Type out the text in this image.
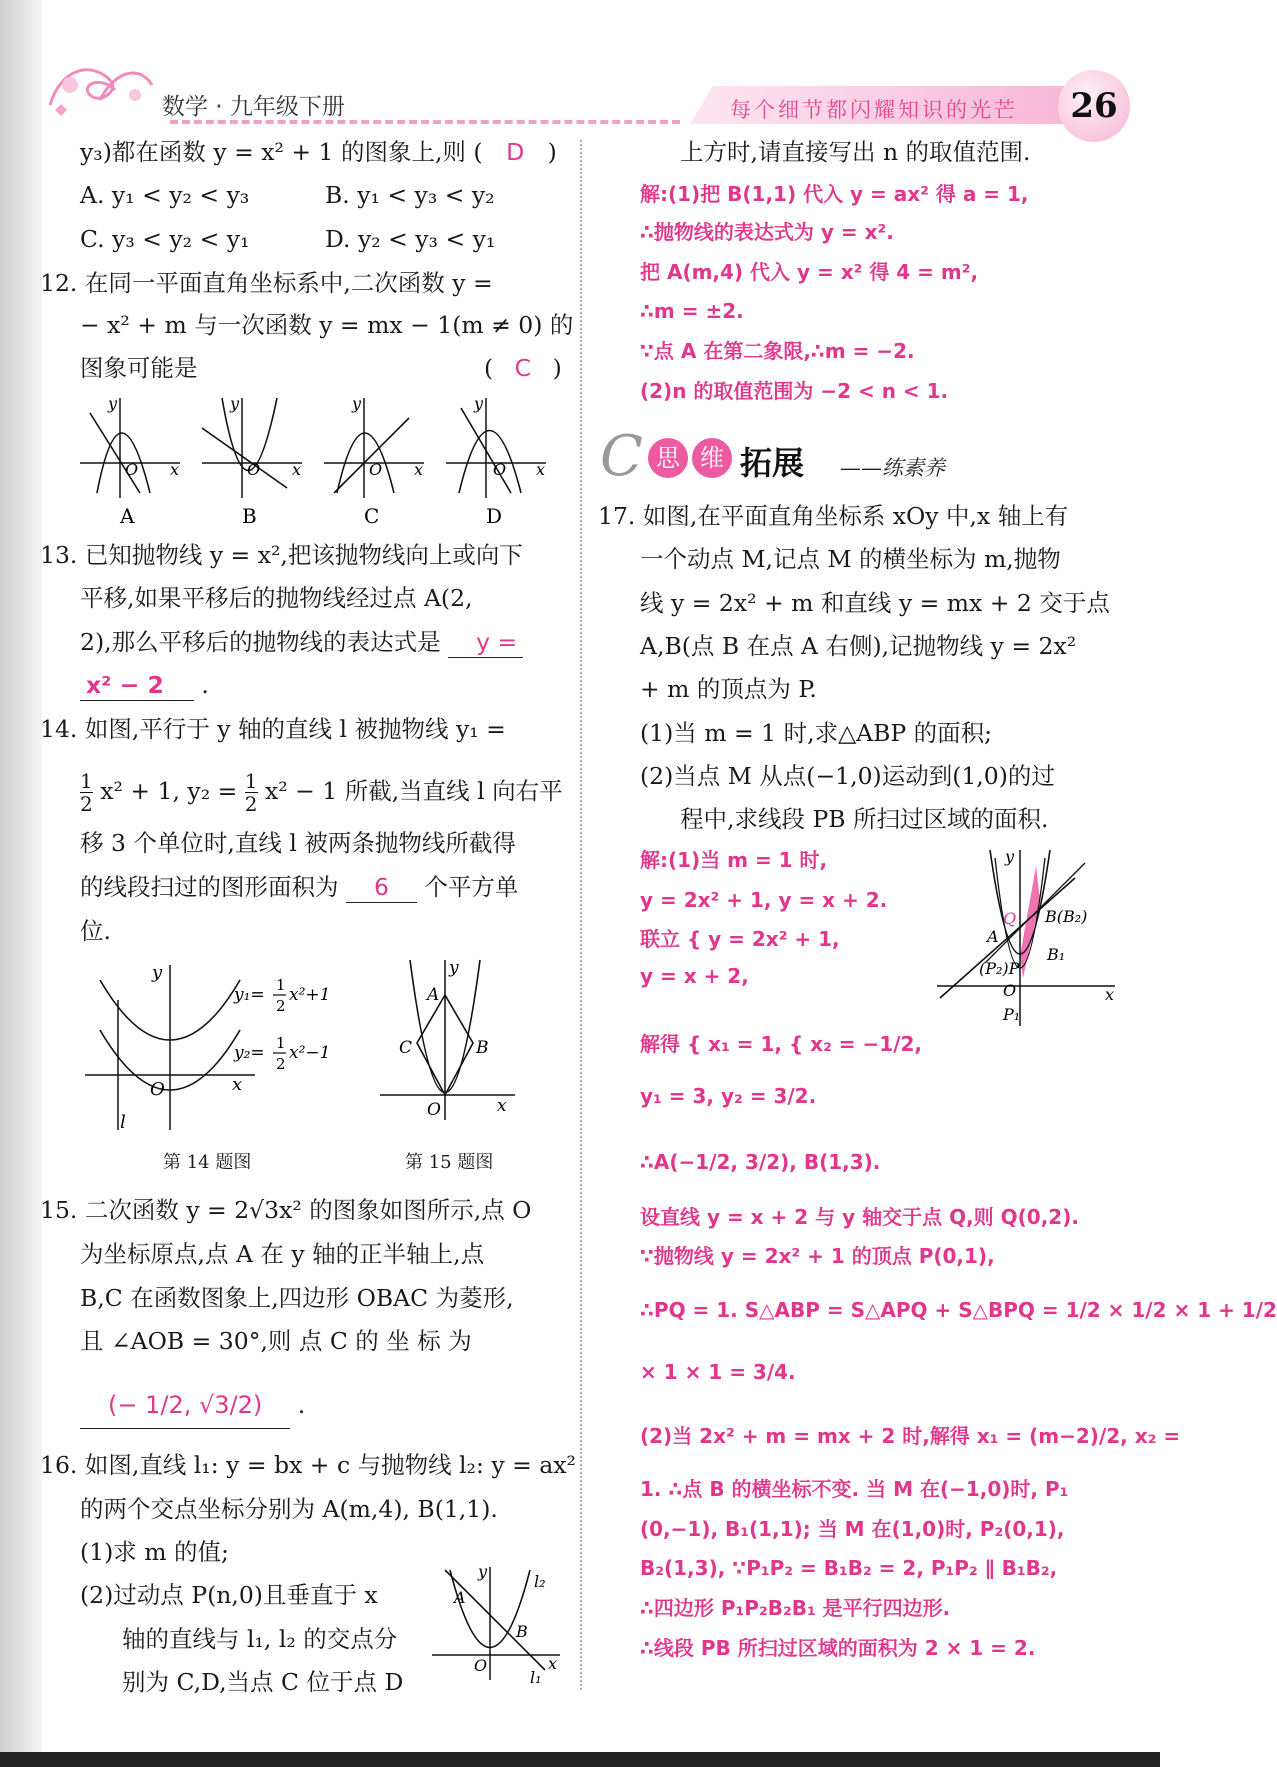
数学 · 九年级下册	每个细节都闪耀知识的光芒	26
y₃)都在函数 y = x² + 1 的图象上,则 ( D )
A. y₁ < y₂ < y₃	B. y₁ < y₃ < y₂
C. y₃ < y₂ < y₁	D. y₂ < y₃ < y₁
12. 在同一平面直角坐标系中,二次函数 y =
− x² + m 与一次函数 y = mx − 1(m ≠ 0) 的
图象可能是	( C )
O x
y
A
O x
y
B
O x
y
C
O x
y
D
13. 已知抛物线 y = x²,把该抛物线向上或向下
平移,如果平移后的抛物线经过点 A(2,
2),那么平移后的抛物线的表达式是 y =
x² − 2 .
14. 如图,平行于 y 轴的直线 l 被抛物线 y₁ =
$\frac{1}{2} x^2 + 1$, $y_2 = \frac{1}{2} x^2 - 1$ 所截,当直线 l 向右平
移 3 个单位时,直线 l 被两条抛物线所截得
的线段扫过的图形面积为 6 个平方单
位.
O	x
y
l
y₁= 1
2
x²+1
y₂= 1
2
x²−1
第 14 题图
A
B
C
O	x
y
第 15 题图
15. 二次函数 y = 2√3x² 的图象如图所示,点 O
为坐标原点,点 A 在 y 轴的正半轴上,点
B,C 在函数图象上,四边形 OBAC 为菱形,
且 ∠AOB = 30°,则 点 C 的 坐 标 为
(− 1/2, √3/2) .
16. 如图,直线 l₁: y = bx + c 与抛物线 l₂: y = ax²
的两个交点坐标分别为 A(m,4), B(1,1).
(1)求 m 的值;
(2)过动点 P(n,0)且垂直于 x
轴的直线与 l₁, l₂ 的交点分
别为 C,D,当点 C 位于点 D
A
B
O
l₂
l₁
x
y
上方时,请直接写出 n 的取值范围.
解:(1)把 B(1,1) 代入 y = ax² 得 a = 1,
∴抛物线的表达式为 y = x².
把 A(m,4) 代入 y = x² 得 4 = m²,
∴m = ±2.
∵点 A 在第二象限,∴m = −2.
(2)n 的取值范围为 −2 < n < 1.
C 思 维 拓展 ——练素养
17. 如图,在平面直角坐标系 xOy 中,x 轴上有
一个动点 M,记点 M 的横坐标为 m,抛物
线 y = 2x² + m 和直线 y = mx + 2 交于点
A,B(点 B 在点 A 右侧),记抛物线 y = 2x²
+ m 的顶点为 P.
(1)当 m = 1 时,求△ABP 的面积;
(2)当点 M 从点(−1,0)运动到(1,0)的过
程中,求线段 PB 所扫过区域的面积.
Q
A
B(B₂)
B₁
(P₂)P
O
P₁
x
y
解:(1)当 m = 1 时,
y = 2x² + 1, y = x + 2.
联立 { y = 2x² + 1,
y = x + 2,
解得 { x₁ = 1, { x₂ = −1/2,
y₁ = 3, y₂ = 3/2.
∴A(−1/2, 3/2), B(1,3).
设直线 y = x + 2 与 y 轴交于点 Q,则 Q(0,2).
∵抛物线 y = 2x² + 1 的顶点 P(0,1),
∴PQ = 1. S△ABP = S△APQ + S△BPQ = 1/2 × 1/2 × 1 + 1/2
× 1 × 1 = 3/4.
(2)当 2x² + m = mx + 2 时,解得 x₁ = (m−2)/2, x₂ =
1. ∴点 B 的横坐标不变. 当 M 在(−1,0)时, P₁
(0,−1), B₁(1,1); 当 M 在(1,0)时, P₂(0,1),
B₂(1,3), ∵P₁P₂ = B₁B₂ = 2, P₁P₂ ∥ B₁B₂,
∴四边形 P₁P₂B₂B₁ 是平行四边形.
∴线段 PB 所扫过区域的面积为 2 × 1 = 2.
